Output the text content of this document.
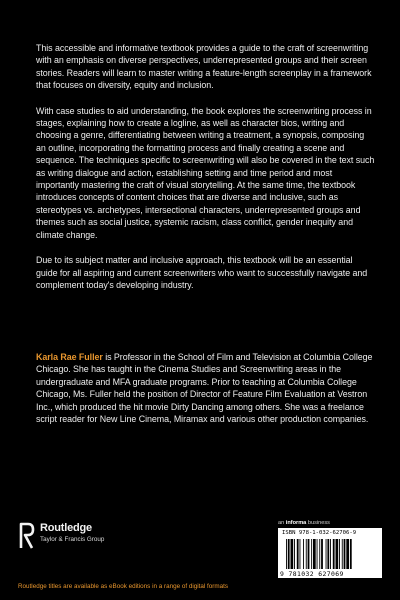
This accessible and informative textbook provides a guide to the craft of screenwriting with an emphasis on diverse perspectives, underrepresented groups and their screen stories. Readers will learn to master writing a feature-length screenplay in a framework that focuses on diversity, equity and inclusion.

With case studies to aid understanding, the book explores the screenwriting process in stages, explaining how to create a logline, as well as character bios, writing and choosing a genre, differentiating between writing a treatment, a synopsis, composing an outline, incorporating the formatting process and finally creating a scene and sequence. The techniques specific to screenwriting will also be covered in the text such as writing dialogue and action, establishing setting and time period and most importantly mastering the craft of visual storytelling. At the same time, the textbook introduces concepts of content choices that are diverse and inclusive, such as stereotypes vs. archetypes, intersectional characters, underrepresented groups and themes such as social justice, systemic racism, class conflict, gender inequity and climate change.

Due to its subject matter and inclusive approach, this textbook will be an essential guide for all aspiring and current screenwriters who want to successfully navigate and complement today's developing industry.

Karla Rae Fuller is Professor in the School of Film and Television at Columbia College Chicago. She has taught in the Cinema Studies and Screenwriting areas in the undergraduate and MFA graduate programs. Prior to teaching at Columbia College Chicago, Ms. Fuller held the position of Director of Feature Film Evaluation at Vestron Inc., which produced the hit movie Dirty Dancing among others. She was a freelance script reader for New Line Cinema, Miramax and various other production companies.

Routledge
Taylor & Francis Group
an informa business
ISBN 978-1-032-62706-9
9 781032 627069
Routledge titles are available as eBook editions in a range of digital formats
